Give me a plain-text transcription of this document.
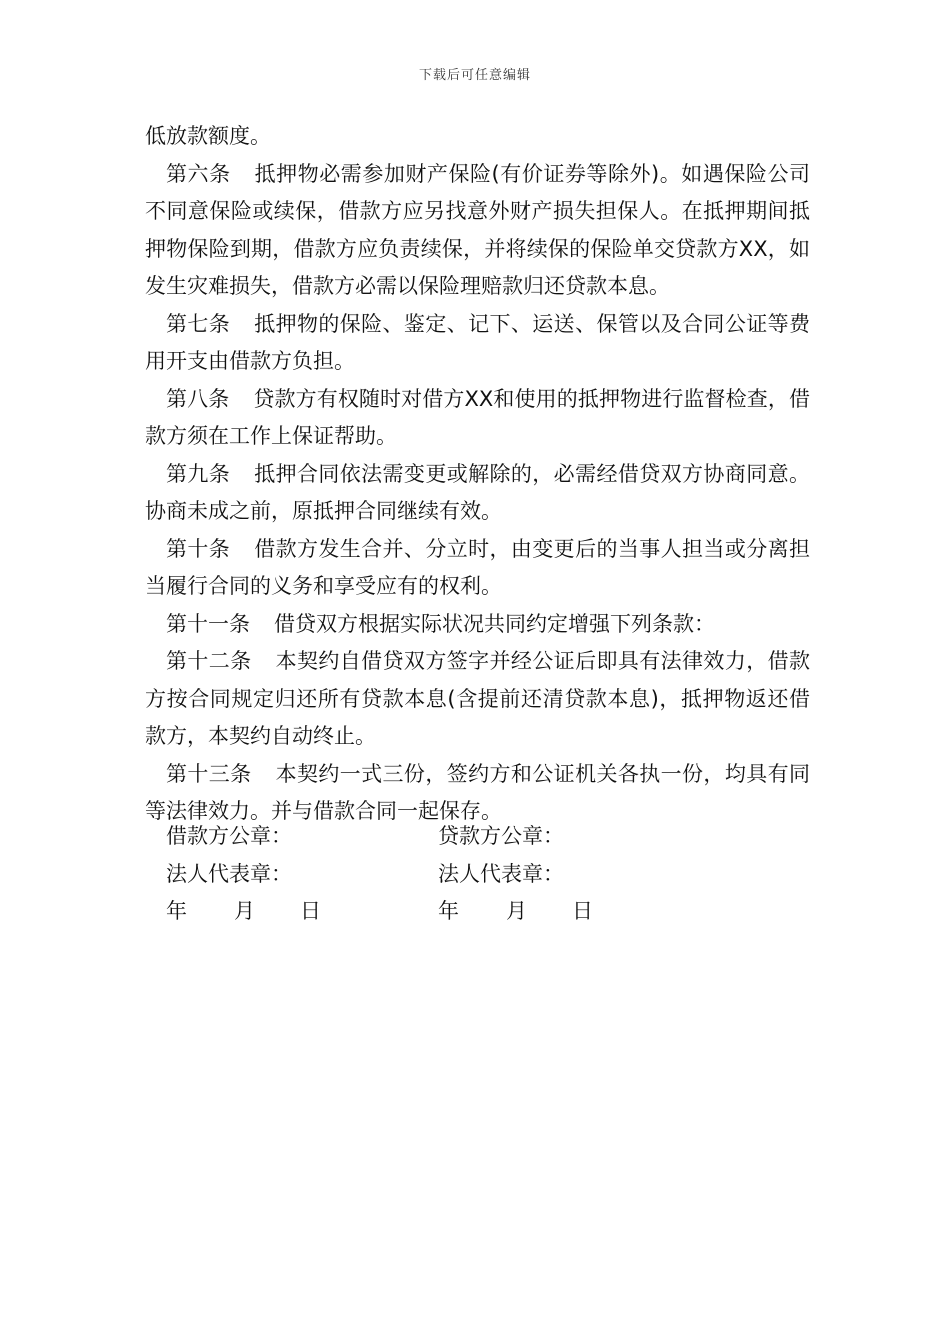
下载后可任意编辑

低放款额度。

第六条 抵押物必需参加财产保险(有价证券等除外)。如遇保险公司不同意保险或续保，借款方应另找意外财产损失担保人。在抵押期间抵押物保险到期，借款方应负责续保，并将续保的保险单交贷款方XX，如发生灾难损失，借款方必需以保险理赔款归还贷款本息。

第七条 抵押物的保险、鉴定、记下、运送、保管以及合同公证等费用开支由借款方负担。

第八条 贷款方有权随时对借方XX和使用的抵押物进行监督检查，借款方须在工作上保证帮助。

第九条 抵押合同依法需变更或解除的，必需经借贷双方协商同意。协商未成之前，原抵押合同继续有效。

第十条 借款方发生合并、分立时，由变更后的当事人担当或分离担当履行合同的义务和享受应有的权利。

第十一条 借贷双方根据实际状况共同约定增强下列条款：

第十二条 本契约自借贷双方签字并经公证后即具有法律效力，借款方按合同规定归还所有贷款本息(含提前还清贷款本息)，抵押物返还借款方，本契约自动终止。

第十三条 本契约一式三份，签约方和公证机关各执一份，均具有同等法律效力。并与借款合同一起保存。

借款方公章：	贷款方公章：
法人代表章：	法人代表章：
年 月 日	年 月 日
